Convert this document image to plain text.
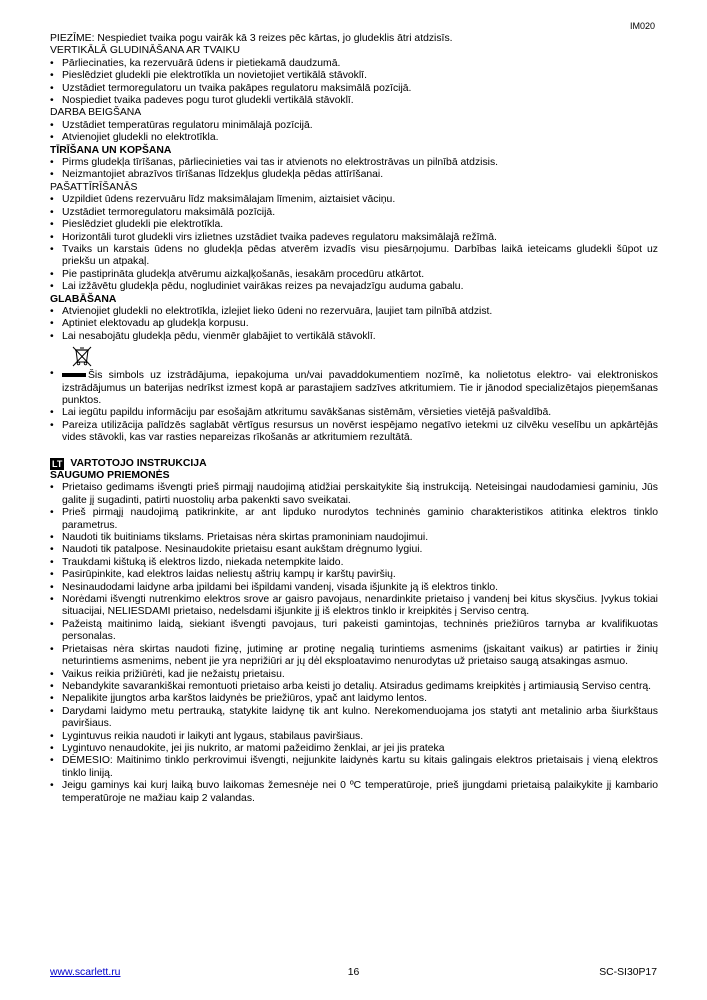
IM020

PIEZĪME: Nespiediet tvaika pogu vairāk kā 3 reizes pēc kārtas, jo gludeklis ātri atdzisīs.

VERTIKĀLĀ GLUDINĀŠANA AR TVAIKU

• Pārliecinaties, ka rezervuārā ūdens ir pietiekamā daudzumā.

• Pieslēdziet gludekli pie elektrotīkla un novietojiet vertikālā stāvoklī.

• Uzstādiet termoregulatoru un tvaika pakāpes regulatoru maksimālā pozīcijā.

• Nospiediet tvaika padeves pogu turot gludekli vertikālā stāvoklī.

DARBA BEIGŠANA

• Uzstādiet temperatūras regulatoru minimālajā pozīcijā.

• Atvienojiet gludekli no elektrotīkla.

TĪRĪŠANA UN KOPŠANA

• Pirms gludekļa tīrīšanas, pārliecinieties vai tas ir atvienots no elektrostrāvas un pilnībā atdzisis.

• Neizmantojiet abrazīvos tīrīšanas līdzekļus gludekļa pēdas attīrīšanai.

PAŠATTĪRĪŠANĀS

• Uzpildiet ūdens rezervuāru līdz maksimālajam līmenim, aiztaisiet vāciņu.

• Uzstādiet termoregulatoru maksimālā pozīcijā.

• Pieslēdziet gludekli pie elektrotīkla.

• Horizontāli turot gludekli virs izlietnes uzstādiet tvaika padeves regulatoru maksimālajā režīmā.

• Tvaiks un karstais ūdens no gludekļa pēdas atverēm izvadīs visu piesārņojumu. Darbības laikā ieteicams gludekli šūpot uz priekšu un atpakaļ.

• Pie pastiprināta gludekļa atvērumu aizkaļķošanās, iesakām procedūru atkārtot.

• Lai izžāvētu gludekļa pēdu, nogludiniet vairākas reizes pa nevajadzīgu auduma gabalu.

GLABĀŠANA

• Atvienojiet gludekli no elektrotīkla, izlejiet lieko ūdeni no rezervuāra, ļaujiet tam pilnībā atdzist.

• Aptiniet elektovadu ap gludekļa korpusu.

• Lai nesabojātu gludekļa pēdu, vienmēr glabājiet to vertikālā stāvoklī.

• Šis simbols uz izstrādājuma, iepakojuma un/vai pavaddokumentiem nozīmē, ka nolietotus elektro- vai elektroniskos izstrādājumus un baterijas nedrīkst izmest kopā ar parastajiem sadzīves atkritumiem. Tie ir jānodod specializētajos pieņemšanas punktos.

• Lai iegūtu papildu informāciju par esošajām atkritumu savākšanas sistēmām, vērsieties vietējā pašvaldībā.

• Pareiza utilizācija palīdzēs saglabāt vērtīgus resursus un novērst iespējamo negatīvo ietekmi uz cilvēku veselību un apkārtējās vides stāvokli, kas var rasties nepareizas rīkošanās ar atkritumiem rezultātā.

LT VARTOTOJO INSTRUKCIJA

SAUGUMO PRIEMONĖS

• Prietaiso gedimams išvengti prieš pirmąjį naudojimą atidžiai perskaitykite šią instrukciją. Neteisingai naudodamiesi gaminiu, Jūs galite jį sugadinti, patirti nuostolių arba pakenkti savo sveikatai.

• Prieš pirmąjį naudojimą patikrinkite, ar ant lipduko nurodytos techninės gaminio charakteristikos atitinka elektros tinklo parametrus.

• Naudoti tik buitiniams tikslams. Prietaisas nėra skirtas pramoniniam naudojimui.

• Naudoti tik patalpose. Nesinaudokite prietaisu esant aukštam drėgnumo lygiui.

• Traukdami kištuką iš elektros lizdo, niekada netempkite laido.

• Pasirūpinkite, kad elektros laidas neliestų aštrių kampų ir karštų paviršių.

• Nesinaudodami laidyne arba įpildami bei išpildami vandenį, visada išjunkite ją iš elektros tinklo.

• Norėdami išvengti nutrenkimo elektros srove ar gaisro pavojaus, nenardinkite prietaiso į vandenį bei kitus skysčius. Įvykus tokiai situacijai, NELIESDAMI prietaiso, nedelsdami išjunkite jį iš elektros tinklo ir kreipkitės į Serviso centrą.

• Pažeistą maitinimo laidą, siekiant išvengti pavojaus, turi pakeisti gamintojas, techninės priežiūros tarnyba ar kvalifikuotas personalas.

• Prietaisas nėra skirtas naudoti fizinę, jutiminę ar protinę negalią turintiems asmenims (įskaitant vaikus) ar patirties ir žinių neturintiems asmenims, nebent jie yra neprižiūri ar jų dėl eksploatavimo nenurodytas už prietaiso saugą atsakingas asmuo.

• Vaikus reikia prižiūrėti, kad jie nežaistų prietaisu.

• Nebandykite savarankiškai remontuoti prietaiso arba keisti jo detalių. Atsiradus gedimams kreipkitės į artimiausią Serviso centrą.

• Nepalikite įjungtos arba karštos laidynės be priežiūros, ypač ant laidymo lentos.

• Darydami laidymo metu pertrauką, statykite laidynę tik ant kulno. Nerekomenduojama jos statyti ant metalinio arba šiurkštaus paviršiaus.

• Lygintuvus reikia naudoti ir laikyti ant lygaus, stabilaus paviršiaus.

• Lygintuvo nenaudokite, jei jis nukrito, ar matomi pažeidimo ženklai, ar jei jis prateka

• DĖMESIO: Maitinimo tinklo perkrovimui išvengti, neįjunkite laidynės kartu su kitais galingais elektros prietaisais į vieną elektros tinklo liniją.

• Jeigu gaminys kai kurį laiką buvo laikomas žemesnėje nei 0 ºC temperatūroje, prieš įjungdami prietaisą palaikykite jį kambario temperatūroje ne mažiau kaip 2 valandas.

www.scarlett.ru	16	SC-SI30P17
